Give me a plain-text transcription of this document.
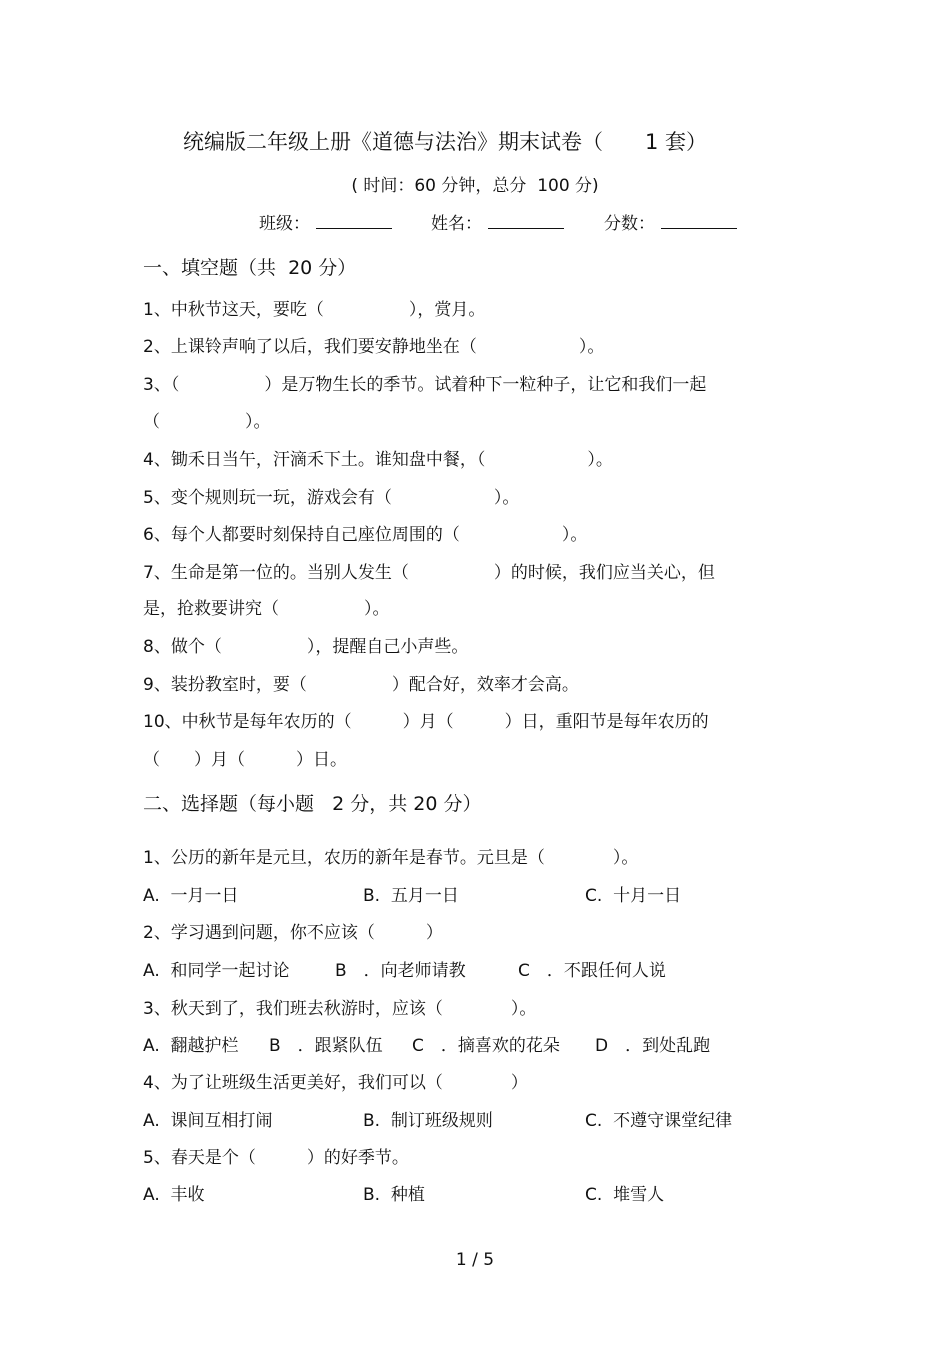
统编版二年级上册《道德与法治》期末试卷（　　1 套）
( 时间：60 分钟，总分  100 分)
班级：	姓名：	分数：
一、填空题（共  20 分）
1、中秋节这天，要吃（　　　　　），赏月。
2、上课铃声响了以后，我们要安静地坐在（　　　　　　）。
3、（　　　　　）是万物生长的季节。试着种下一粒种子，让它和我们一起
（　　　　　）。
4、锄禾日当午，汗滴禾下土。谁知盘中餐，（　　　　　　）。
5、变个规则玩一玩，游戏会有（　　　　　　）。
6、每个人都要时刻保持自己座位周围的（　　　　　　）。
7、生命是第一位的。当别人发生（　　　　　）的时候，我们应当关心，但
是，抢救要讲究（　　　　　）。
8、做个（　　　　　），提醒自己小声些。
9、装扮教室时，要（　　　　　）配合好，效率才会高。
10、中秋节是每年农历的（　　　）月（　　　）日，重阳节是每年农历的
（　　）月（　　　）日。
二、选择题（每小题   2 分，共 20 分）
1、公历的新年是元旦，农历的新年是春节。元旦是（　　　　）。
A.  一月一日	B.  五月一日	C.  十月一日
2、学习遇到问题，你不应该（　　　）
A.  和同学一起讨论	B　．向老师请教	C　．不跟任何人说
3、秋天到了，我们班去秋游时，应该（　　　　）。
A.  翻越护栏 B　．跟紧队伍 C　．摘喜欢的花朵 D　．到处乱跑
4、为了让班级生活更美好，我们可以（　　　　）
A.  课间互相打闹	B.  制订班级规则	C.  不遵守课堂纪律
5、春天是个（　　　）的好季节。
A.  丰收	B.  种植	C.  堆雪人
1 / 5
